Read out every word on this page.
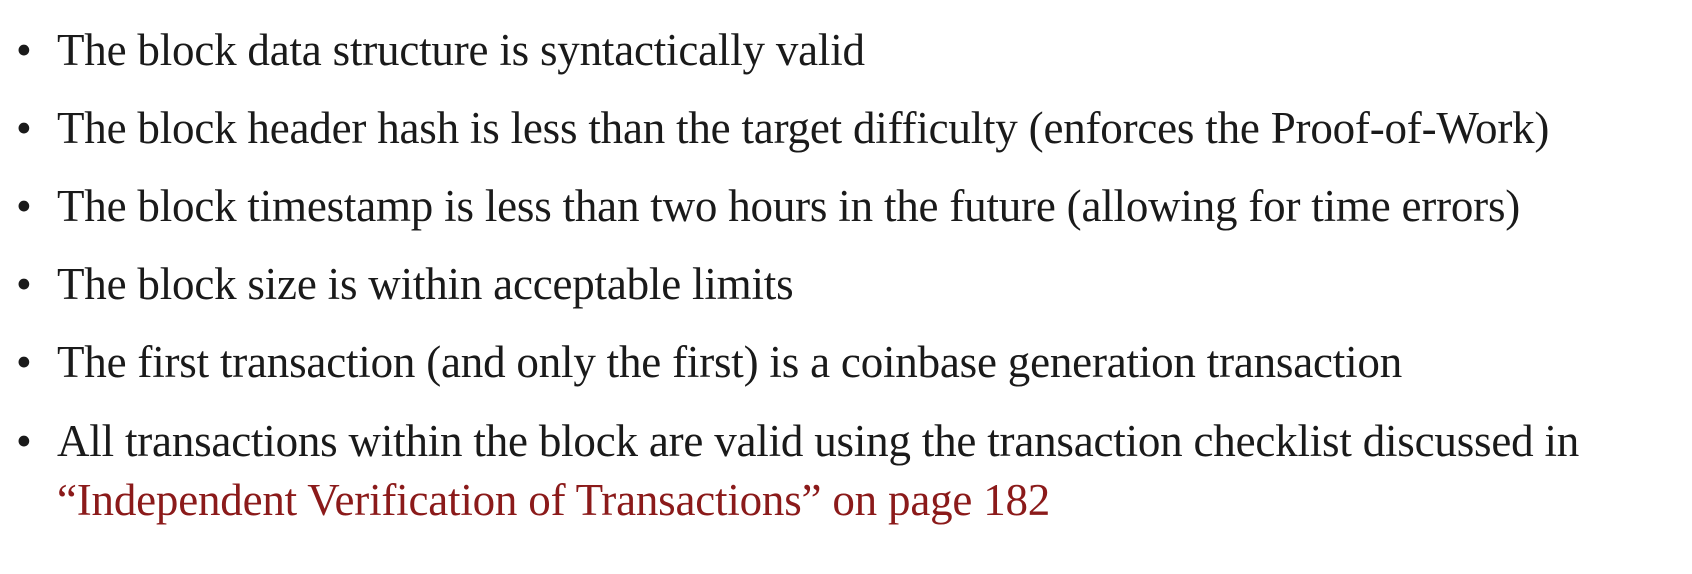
• The block data structure is syntactically valid
• The block header hash is less than the target difficulty (enforces the Proof-of-Work)
• The block timestamp is less than two hours in the future (allowing for time errors)
• The block size is within acceptable limits
• The first transaction (and only the first) is a coinbase generation transaction
• All transactions within the block are valid using the transaction checklist discussed in “Independent Verification of Transactions” on page 182
